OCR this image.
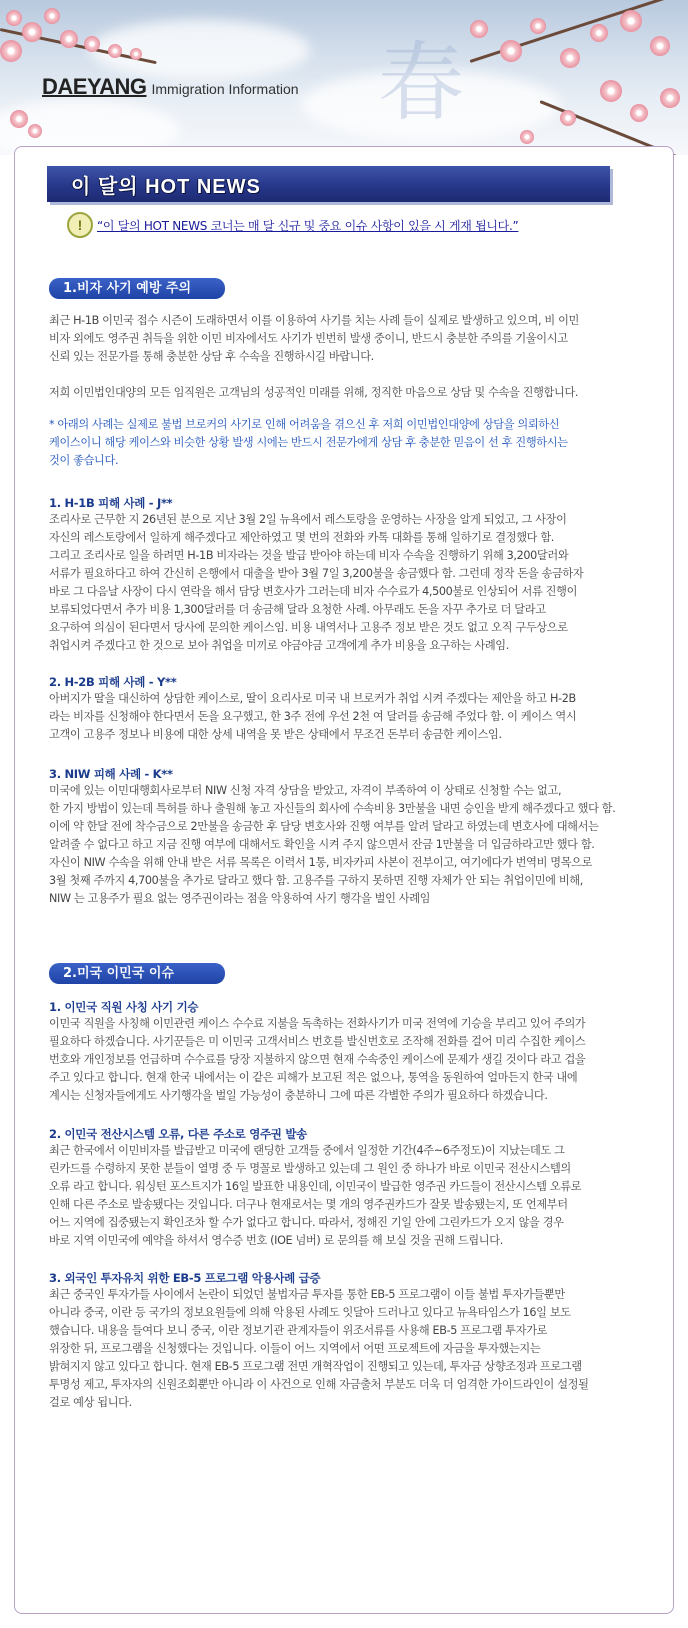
春
DAEYANG Immigration Information
이 달의 HOT NEWS
!	“이 달의 HOT NEWS 코너는 매 달 신규 및 중요 이슈 사항이 있을 시 게재 됩니다.”
1.비자 사기 예방 주의

최근 H-1B 이민국 접수 시즌이 도래하면서 이를 이용하여 사기를 치는 사례 들이 실제로 발생하고 있으며, 비 이민
비자 외에도 영주권 취득을 위한 이민 비자에서도 사기가 빈번히 발생 중이니, 반드시 충분한 주의를 기울이시고
신뢰 있는 전문가를 통해 충분한 상담 후 수속을 진행하시길 바랍니다.

저희 이민법인대양의 모든 임직원은 고객님의 성공적인 미래를 위해, 정직한 마음으로 상담 및 수속을 진행합니다.

* 아래의 사례는 실제로 불법 브로커의 사기로 인해 어려움을 겪으신 후 저희 이민법인대양에 상담을 의뢰하신
케이스이니 해당 케이스와 비슷한 상황 발생 시에는 반드시 전문가에게 상담 후 충분한 믿음이 선 후 진행하시는
것이 좋습니다.

1. H-1B 피해 사례 - J**

조리사로 근무한 지 26년된 분으로 지난 3월 2일 뉴욕에서 레스토랑을 운영하는 사장을 알게 되었고, 그 사장이
자신의 레스토랑에서 일하게 해주겠다고 제안하였고 몇 번의 전화와 카톡 대화를 통해 일하기로 결정했다 함.
그리고 조리사로 일을 하려면 H-1B 비자라는 것을 발급 받아야 하는데 비자 수속을 진행하기 위해 3,200달러와
서류가 필요하다고 하여 간신히 은행에서 대출을 받아 3월 7일 3,200불을 송금했다 함. 그런데 정작 돈을 송금하자
바로 그 다음날 사장이 다시 연락을 해서 담당 변호사가 그러는데 비자 수수료가 4,500불로 인상되어 서류 진행이
보류되었다면서 추가 비용 1,300달러를 더 송금해 달라 요청한 사례. 아무래도 돈을 자꾸 추가로 더 달라고
요구하여 의심이 된다면서 당사에 문의한 케이스임. 비용 내역서나 고용주 정보 받은 것도 없고 오직 구두상으로
취업시켜 주겠다고 한 것으로 보아 취업을 미끼로 야금야금 고객에게 추가 비용을 요구하는 사례임.

2. H-2B 피해 사례 - Y**

아버지가 딸을 대신하여 상담한 케이스로, 딸이 요리사로 미국 내 브로커가 취업 시켜 주겠다는 제안을 하고 H-2B
라는 비자를 신청해야 한다면서 돈을 요구했고, 한 3주 전에 우선 2천 여 달러를 송금해 주었다 함. 이 케이스 역시
고객이 고용주 정보나 비용에 대한 상세 내역을 못 받은 상태에서 무조건 돈부터 송금한 케이스임.

3. NIW 피해 사례 - K**

미국에 있는 이민대행회사로부터 NIW 신청 자격 상담을 받았고, 자격이 부족하여 이 상태로 신청할 수는 없고,
한 가지 방법이 있는데 특허를 하나 출원해 놓고 자신들의 회사에 수속비용 3만불을 내면 승인을 받게 해주겠다고 했다 함.
이에 약 한달 전에 착수금으로 2만불을 송금한 후 담당 변호사와 진행 여부를 알려 달라고 하였는데 변호사에 대해서는
알려줄 수 없다고 하고 지금 진행 여부에 대해서도 확인을 시켜 주지 않으면서 잔금 1만불을 더 입금하라고만 했다 함.
자신이 NIW 수속을 위해 안내 받은 서류 목록은 이력서 1통, 비자카피 사본이 전부이고, 여기에다가 번역비 명목으로
3월 첫째 주까지 4,700불을 추가로 달라고 했다 함. 고용주를 구하지 못하면 진행 자체가 안 되는 취업이민에 비해,
NIW 는 고용주가 필요 없는 영주권이라는 점을 악용하여 사기 행각을 벌인 사례임

2.미국 이민국 이슈
1. 이민국 직원 사칭 사기 기승

이민국 직원을 사칭해 이민관련 케이스 수수료 지불을 독촉하는 전화사기가 미국 전역에 기승을 부리고 있어 주의가
필요하다 하겠습니다. 사기꾼들은 미 이민국 고객서비스 번호를 발신번호로 조작해 전화를 걸어 미리 수집한 케이스
번호와 개인정보를 언급하며 수수료를 당장 지불하지 않으면 현재 수속중인 케이스에 문제가 생길 것이다 라고 겁을
주고 있다고 합니다. 현재 한국 내에서는 이 같은 피해가 보고된 적은 없으나, 통역을 동원하여 얼마든지 한국 내에
계시는 신청자들에게도 사기행각을 벌일 가능성이 충분하니 그에 따른 각별한 주의가 필요하다 하겠습니다.

2. 이민국 전산시스템 오류, 다른 주소로 영주권 발송

최근 한국에서 이민비자를 발급받고 미국에 랜딩한 고객들 중에서 일정한 기간(4주~6주정도)이 지났는데도 그
린카드를 수령하지 못한 분들이 열명 중 두 명꼴로 발생하고 있는데 그 원인 중 하나가 바로 이민국 전산시스템의
오류 라고 합니다. 워싱턴 포스트지가 16일 발표한 내용인데, 이민국이 발급한 영주권 카드들이 전산시스템 오류로
인해 다른 주소로 발송됐다는 것입니다. 더구나 현재로서는 몇 개의 영주권카드가 잘못 발송됐는지, 또 언제부터
어느 지역에 집중됐는지 확인조차 할 수가 없다고 합니다. 따라서, 정해진 기일 안에 그린카드가 오지 않을 경우
바로 지역 이민국에 예약을 하셔서 영수증 번호 (IOE 넘버) 로 문의를 해 보실 것을 권해 드립니다.

3. 외국인 투자유치 위한 EB-5 프로그램 악용사례 급증

최근 중국인 투자가들 사이에서 논란이 되었던 불법자금 투자를 통한 EB-5 프로그램이 이들 불법 투자가들뿐만
아니라 중국, 이란 등 국가의 정보요원들에 의해 악용된 사례도 잇달아 드러나고 있다고 뉴욕타임스가 16일 보도
했습니다. 내용을 들여다 보니 중국, 이란 정보기관 관계자들이 위조서류를 사용해 EB-5 프로그램 투자가로
위장한 뒤, 프로그램을 신청했다는 것입니다. 이들이 어느 지역에서 어떤 프로젝트에 자금을 투자했는지는
밝혀지지 않고 있다고 합니다. 현재 EB-5 프로그램 전면 개혁작업이 진행되고 있는데, 투자금 상향조정과 프로그램
투명성 제고, 투자자의 신원조회뿐만 아니라 이 사건으로 인해 자금출처 부분도 더욱 더 엄격한 가이드라인이 설정될
걸로 예상 됩니다.
